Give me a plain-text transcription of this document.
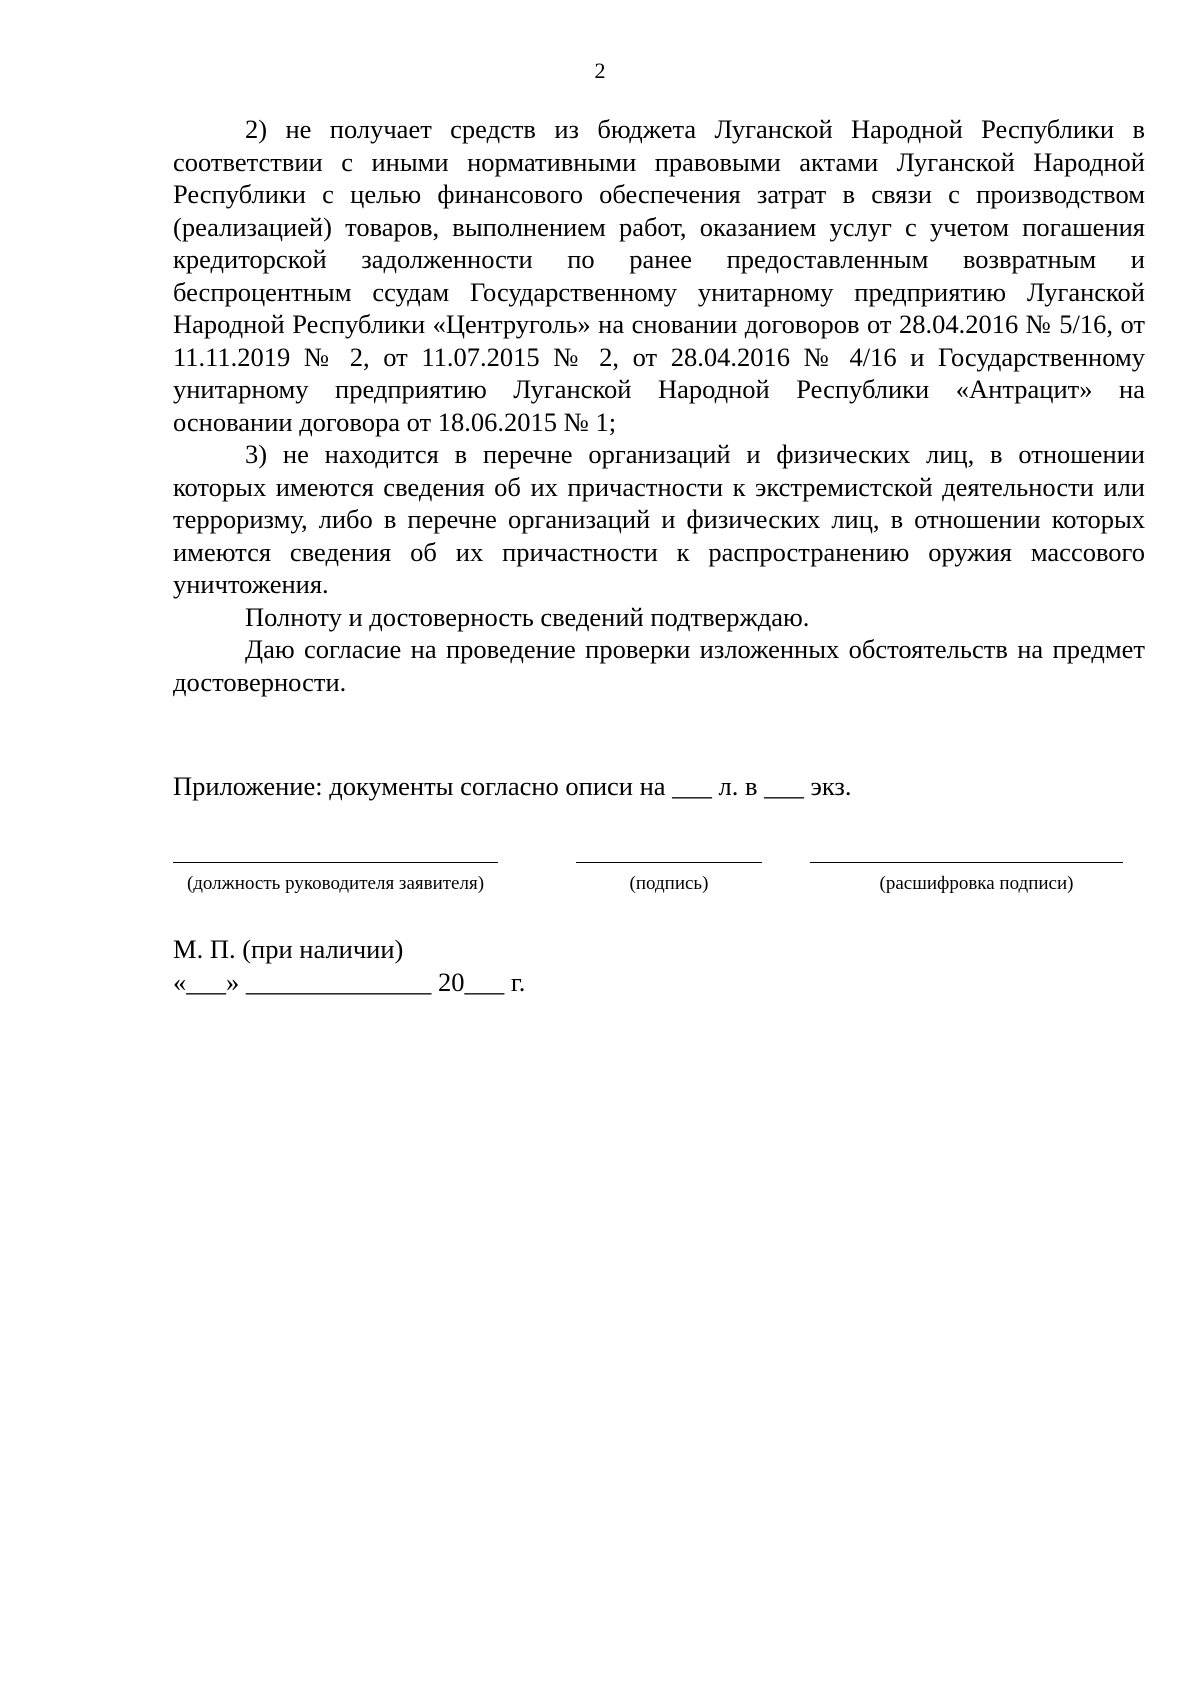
2

2) не получает средств из бюджета Луганской Народной Республики в соответствии с иными нормативными правовыми актами Луганской Народной Республики с целью финансового обеспечения затрат в связи с производством (реализацией) товаров, выполнением работ, оказанием услуг с учетом погашения кредиторской задолженности по ранее предоставленным возвратным и беспроцентным ссудам Государственному унитарному предприятию Луганской Народной Республики «Центруголь» на сновании договоров от 28.04.2016 № 5/16, от 11.11.2019 № 2, от 11.07.2015 № 2, от 28.04.2016 № 4/16 и Государственному унитарному предприятию Луганской Народной Республики «Антрацит» на основании договора от 18.06.2015 № 1;

3) не находится в перечне организаций и физических лиц, в отношении которых имеются сведения об их причастности к экстремистской деятельности или терроризму, либо в перечне организаций и физических лиц, в отношении которых имеются сведения об их причастности к распространению оружия массового уничтожения.

Полноту и достоверность сведений подтверждаю.

Даю согласие на проведение проверки изложенных обстоятельств на предмет достоверности.

Приложение: документы согласно описи на ___ л. в ___ экз.
(должность руководителя заявителя)	(подпись)	(расшифровка подписи)
М. П. (при наличии)
«___» ______________ 20___ г.
